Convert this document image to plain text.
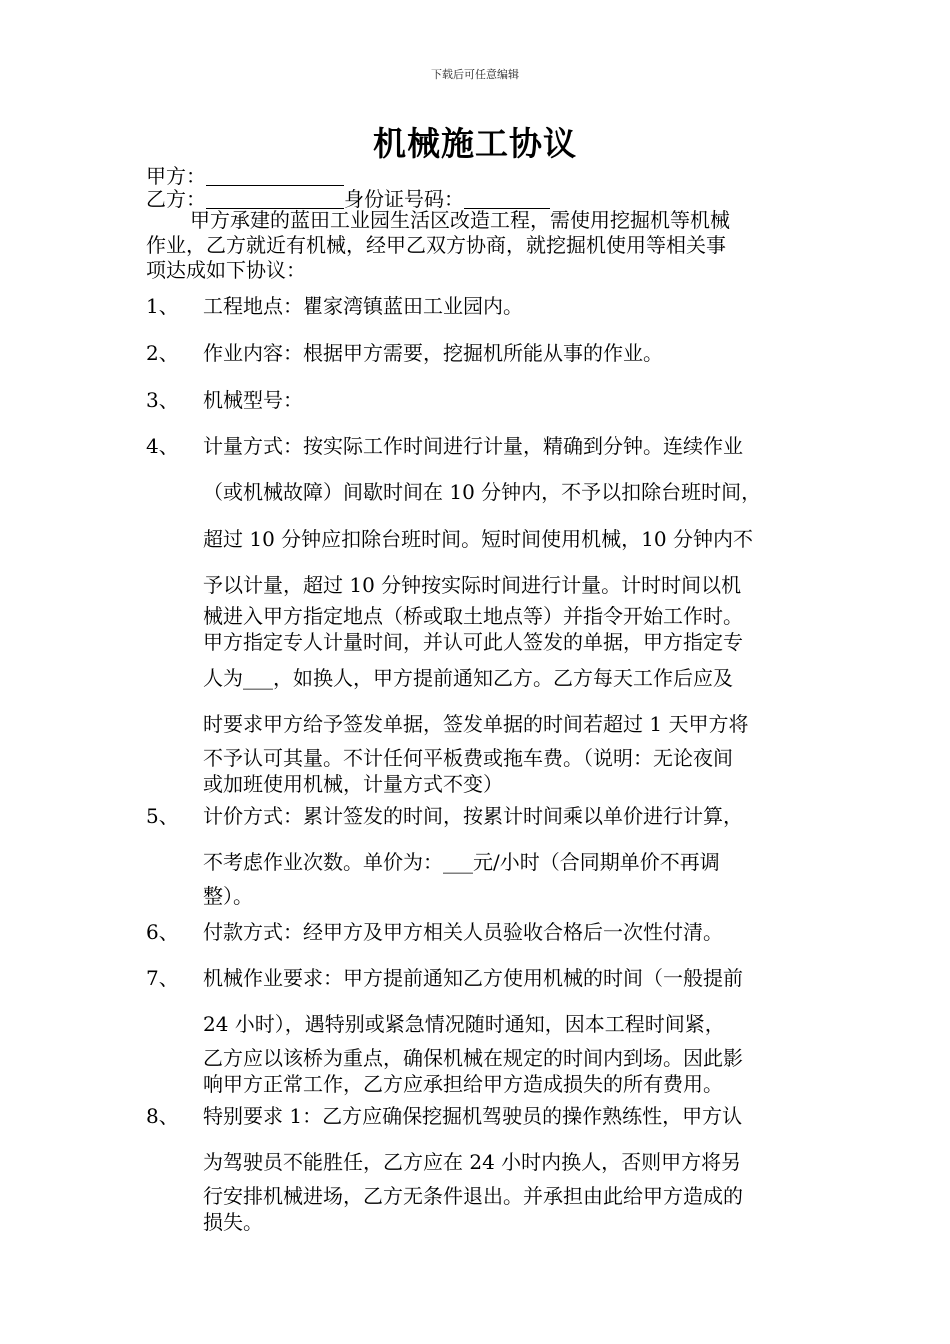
下载后可任意编辑
机械施工协议
甲方：
乙方：	身份证号码：
甲方承建的蓝田工业园生活区改造工程，需使用挖掘机等机械
作业，乙方就近有机械，经甲乙双方协商，就挖掘机使用等相关事
项达成如下协议：
1、 工程地点：瞿家湾镇蓝田工业园内。
2、 作业内容：根据甲方需要，挖掘机所能从事的作业。
3、 机械型号：
4、 计量方式：按实际工作时间进行计量，精确到分钟。连续作业
（或机械故障）间歇时间在 10 分钟内，不予以扣除台班时间，
超过 10 分钟应扣除台班时间。短时间使用机械，10 分钟内不
予以计量，超过 10 分钟按实际时间进行计量。计时时间以机
械进入甲方指定地点（桥或取土地点等）并指令开始工作时。
甲方指定专人计量时间，并认可此人签发的单据，甲方指定专
人为___，如换人，甲方提前通知乙方。乙方每天工作后应及
时要求甲方给予签发单据，签发单据的时间若超过 1 天甲方将
不予认可其量。不计任何平板费或拖车费。（说明：无论夜间
或加班使用机械，计量方式不变）
5、 计价方式：累计签发的时间，按累计时间乘以单价进行计算，
不考虑作业次数。单价为：___元/小时（合同期单价不再调
整）。
6、 付款方式：经甲方及甲方相关人员验收合格后一次性付清。
7、 机械作业要求：甲方提前通知乙方使用机械的时间（一般提前
24 小时），遇特别或紧急情况随时通知，因本工程时间紧，
乙方应以该桥为重点，确保机械在规定的时间内到场。因此影
响甲方正常工作，乙方应承担给甲方造成损失的所有费用。
8、 特别要求 1：乙方应确保挖掘机驾驶员的操作熟练性，甲方认
为驾驶员不能胜任，乙方应在 24 小时内换人，否则甲方将另
行安排机械进场，乙方无条件退出。并承担由此给甲方造成的
损失。
